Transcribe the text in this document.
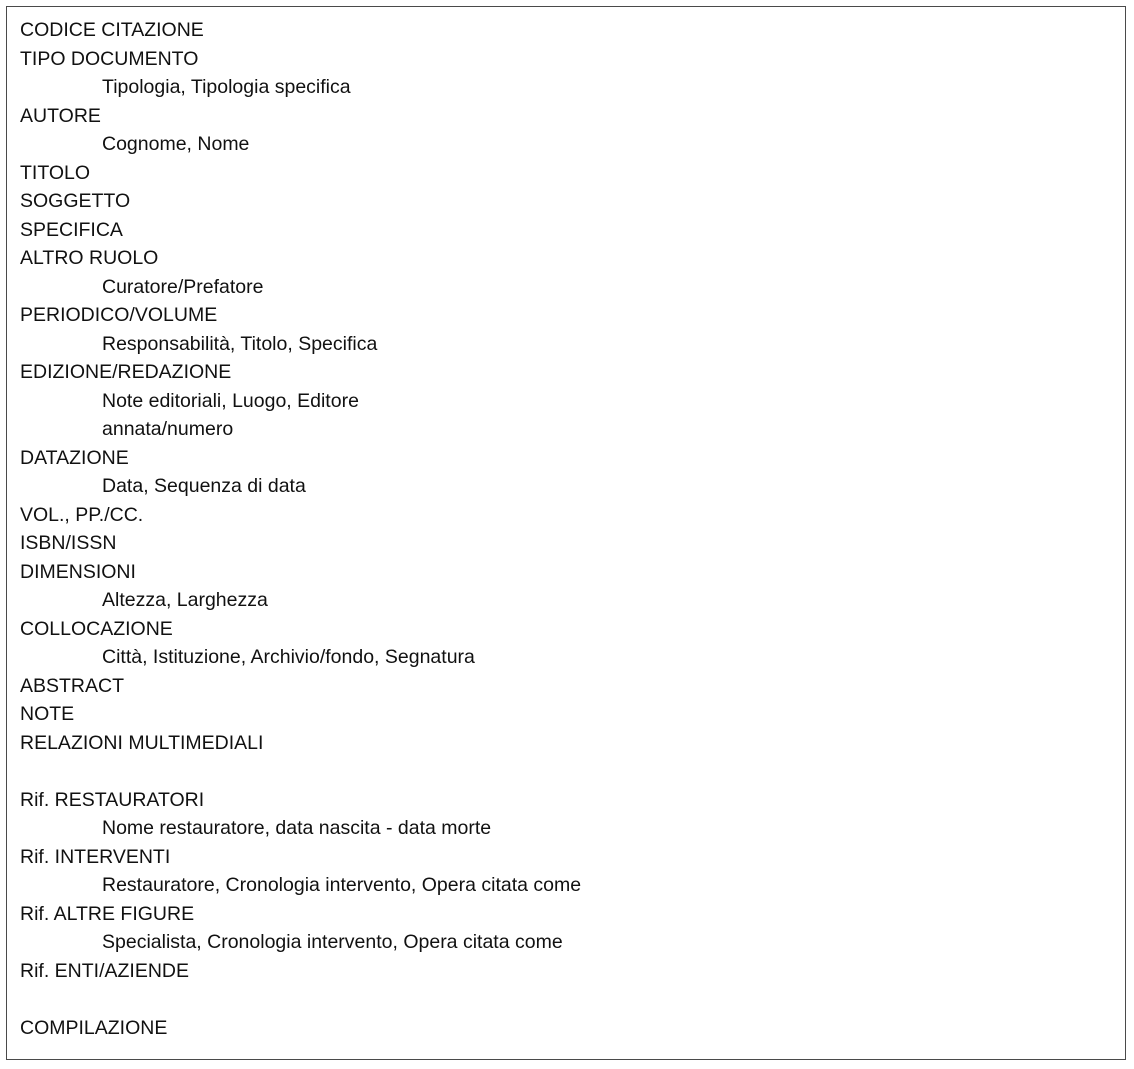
CODICE CITAZIONE
TIPO DOCUMENTO
Tipologia, Tipologia specifica
AUTORE
Cognome, Nome
TITOLO
SOGGETTO
SPECIFICA
ALTRO RUOLO
Curatore/Prefatore
PERIODICO/VOLUME
Responsabilità, Titolo, Specifica
EDIZIONE/REDAZIONE
Note editoriali, Luogo, Editore
annata/numero
DATAZIONE
Data, Sequenza di data
VOL., PP./CC.
ISBN/ISSN
DIMENSIONI
Altezza, Larghezza
COLLOCAZIONE
Città, Istituzione, Archivio/fondo, Segnatura
ABSTRACT
NOTE
RELAZIONI MULTIMEDIALI
Rif. RESTAURATORI
Nome restauratore, data nascita - data morte
Rif. INTERVENTI
Restauratore, Cronologia intervento, Opera citata come
Rif. ALTRE FIGURE
Specialista, Cronologia intervento, Opera citata come
Rif. ENTI/AZIENDE
COMPILAZIONE
